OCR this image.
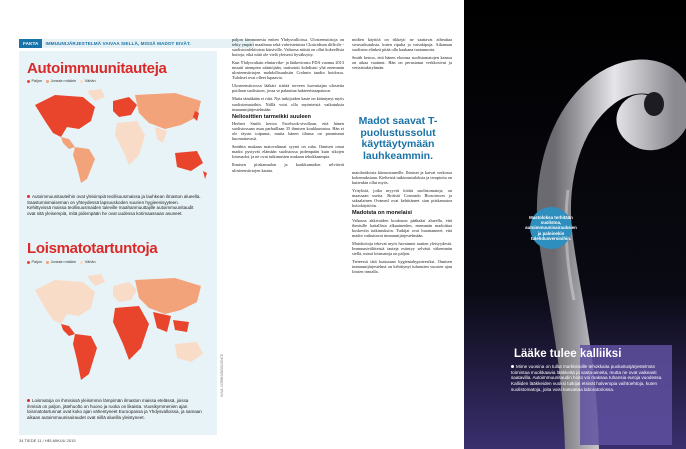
FAKTA	IMMUUNIJÄRJESTELMÄ VAIVAA SIELLÄ, MISSÄ MADOT EIVÄT.
Autoimmuunitauteja
Paljon Jonssin määrin Vähän
Autoimmuunitauteihin ovat yleisimpiä teollisuusmaissa ja lauhkean ilmaston alueella. Saastumismaiseman on yhteydessä lapsuuskoden suurien hygieenisyyteen. Kehittyvissä maissa teollisuusmaiden tuleville maahanmuuttajille autoimmuunitaudit ovat sitä yleisempiä, mitä pidempään he ovat uudessa kotimaassaan asuneet.
Loismatotartuntoja
Paljon Jonssin määrin Vähän
Loismatoja on ihmisissä yleisimmin lämpimän ilmaston maissa etelässä, joissa ihmisiä on paljon, jätehuolto on huono ja ruoka on likaista. Vuosikymmenien ajan loismatotartunnat ovat koko ajan vähentyneet Euroopassa ja Yhdysvalloissa, ja samaan aikaan autoimmuunisairaudet ovat niillä alueilla yleistyneet.
KUVA: CORBIS/BIOSCIENCE

paljon kimmonesta eniten Yhdysvalloissa. Ulosteensiirtoja on tehty ympäri maailmaa sekä vahvistetuista Clostridium difficile -suolistoinfektioista kärsiville. Valtaosa näistä on ollut kokeellisia hoitoja, eikä niitä ole vielä yleisesti hyväksytty.

Kun Yhdysvaltain elintarvike- ja lääkevirasto FDA vuonna 2013 muutti aiempien sääntöjään, uutisointi kohdistui yhä enemmän ulosteensiirtojen mahdollisuuksiin Crohnin taudin hoidossa. Tulokset ovat olleet lupaavia.

Ulosteensiirrossa lääkäri siirtää terveen luovuttajan ulostetta potilaan suolistoon, jossa se palauttaa bakteeritasapainon.

Muita tämäkään ei riitä. Nyt tutkijoiden kaste on kääntynyt myös suolistomatoihin. Niillä voisi olla myönteisiä vaikutuksia immuunijärjestelmään.

Neliosittien tarmeikki suuleen

Herbert Smith kertoo Facebook-sivullaan, että hänen suolistossaan asuu parhaillaan 35 ihmisen koukkumatoa. Hän ei ole täysin toipunut, mutta hänen tilansa on parantunut huomattavasti.

Smithin mukaan matovalinnat syynä on ruha. Ihmisen omat madot pystyvät elämään suolistossa pidempään kuin sikojen loismadot, ja ne ovat tutkimusten mukaan tehokkaampia.

Ihmisen piiskamadon ja koukkumadon selviävät ulosteensiirtojen kautta.

midten käyttöä on rikkejä: ne saattavat aiheuttaa sivuvaikutuksia, kuten ripulia ja vatsakipuja. Aikanaan suoliston elinkeä pitää olla kaukana tuotannosta.

Smith kertoo, että hänen eloonsa suolistomatojen kanssa on aikaa vaatinut. Hän on perustanut verkkosivut ja vertaistukiryhmän.

Madot saavat T-puolustussolut käyttäytymään lauhkeammin.

matohoidoista kiinnostuneille. Ihmiset ja kaivat verkossa kokemuksiaan. Kielteisiä tutkimustuloksia ja terapioita on kuitenkin ollut myös.

Yrityksiä, jotka myyvät itiöitä suolistomatoja, on maassaan useita. Britistä Coronado Biosciences ja saksalainen Ovamed ovat kehittäneet sian piiskamatoa hoitokäyttöön.

Madoista on monelaisi

Valtaosa akkivaiden koulouon pääkaksi alueella, että ihmisille haitallista alkuaineiden, enemmän madoittaa koskeviin tutkimuksiin. Tutkijat ovat huomanneet, että madot vaikuttavat immuunijärjestelmään.

Matohoitoja tekevat myös havainnot tautien yleisyydestä. Immuunivälitteisiä tauteja esiintyy selvästi vähemmän siellä, missä loismatoja on paljon.

Tieteessä tätä kutsutaan hygieniahypoteesiksi. Ihmisen immuunijärjestelmä on kehittynyt tuhansien vuosien ajan loisten rinnalla.

Mastoloksa terhitään suolistoa, autoimmuunisairauksien ja paloinekin tulehdusversioihin.
Lääke tulee kalliiksi
Mime vuosina on tullut markkinoille tehokkaita puolustusjärjestelmän toimintaa muokkaavia lääkkeitä ja vasta-aineita, mutta ne ovat vaikeasti saatavilla. Autoimmuunitaudin hoito voi maksaa tuhansia euroja vuodessa. Kalliiden lääkkeiden vuoksi tutkijat etsivät halvempia vaihtoehtoja, kuten suolistomatoja, joita voisi kasvattaa laboratoriossa.
34 TIEDE 11 / HELMIKUU 2015
